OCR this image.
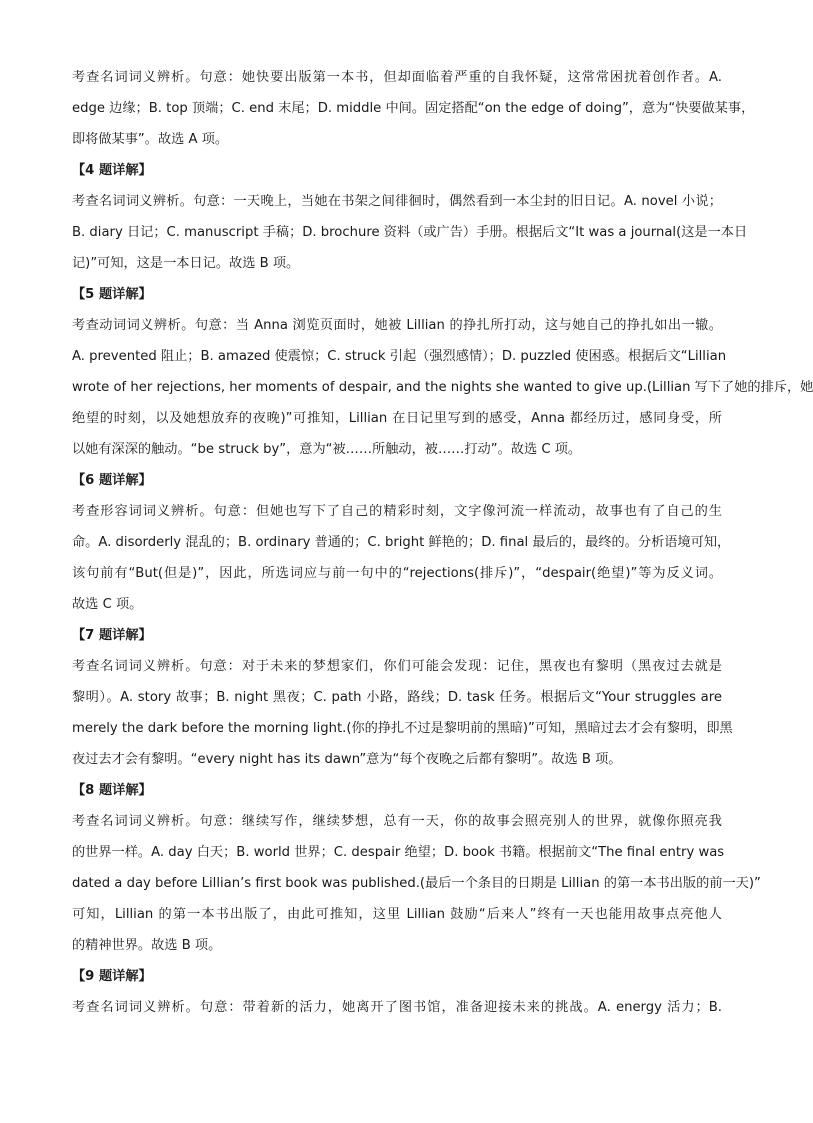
考查名词词义辨析。句意：她快要出版第一本书，但却面临着严重的自我怀疑，这常常困扰着创作者。A.
edge 边缘；B. top 顶端；C. end 末尾；D. middle 中间。固定搭配“on the edge of doing”，意为“快要做某事，
即将做某事”。故选 A 项。
【4 题详解】
考查名词词义辨析。句意：一天晚上，当她在书架之间徘徊时，偶然看到一本尘封的旧日记。A. novel 小说；
B. diary 日记；C. manuscript 手稿；D. brochure 资料（或广告）手册。根据后文“It was a journal(这是一本日
记)”可知，这是一本日记。故选 B 项。
【5 题详解】
考查动词词义辨析。句意：当 Anna 浏览页面时，她被 Lillian 的挣扎所打动，这与她自己的挣扎如出一辙。
A. prevented 阻止；B. amazed 使震惊；C. struck 引起（强烈感情）；D. puzzled 使困惑。根据后文“Lillian
wrote of her rejections, her moments of despair, and the nights she wanted to give up.(Lillian 写下了她的排斥，她
绝望的时刻，以及她想放弃的夜晚)”可推知，Lillian 在日记里写到的感受，Anna 都经历过，感同身受，所
以她有深深的触动。“be struck by”，意为“被……所触动，被……打动”。故选 C 项。
【6 题详解】
考查形容词词义辨析。句意：但她也写下了自己的精彩时刻，文字像河流一样流动，故事也有了自己的生
命。A. disorderly 混乱的；B. ordinary 普通的；C. bright 鲜艳的；D. final 最后的，最终的。分析语境可知，
该句前有“But(但是)”，因此，所选词应与前一句中的“rejections(排斥)”，“despair(绝望)”等为反义词。
故选 C 项。
【7 题详解】
考查名词词义辨析。句意：对于未来的梦想家们，你们可能会发现：记住，黑夜也有黎明（黑夜过去就是
黎明）。A. story 故事；B. night 黑夜；C. path 小路，路线；D. task 任务。根据后文“Your struggles are
merely the dark before the morning light.(你的挣扎不过是黎明前的黑暗)”可知，黑暗过去才会有黎明，即黑
夜过去才会有黎明。“every night has its dawn”意为“每个夜晚之后都有黎明”。故选 B 项。
【8 题详解】
考查名词词义辨析。句意：继续写作，继续梦想，总有一天，你的故事会照亮别人的世界，就像你照亮我
的世界一样。A. day 白天；B. world 世界；C. despair 绝望；D. book 书籍。根据前文“The final entry was
dated a day before Lillian’s first book was published.(最后一个条目的日期是 Lillian 的第一本书出版的前一天)”
可知，Lillian 的第一本书出版了，由此可推知，这里 Lillian 鼓励“后来人”终有一天也能用故事点亮他人
的精神世界。故选 B 项。
【9 题详解】
考查名词词义辨析。句意：带着新的活力，她离开了图书馆，准备迎接未来的挑战。A. energy 活力；B.
